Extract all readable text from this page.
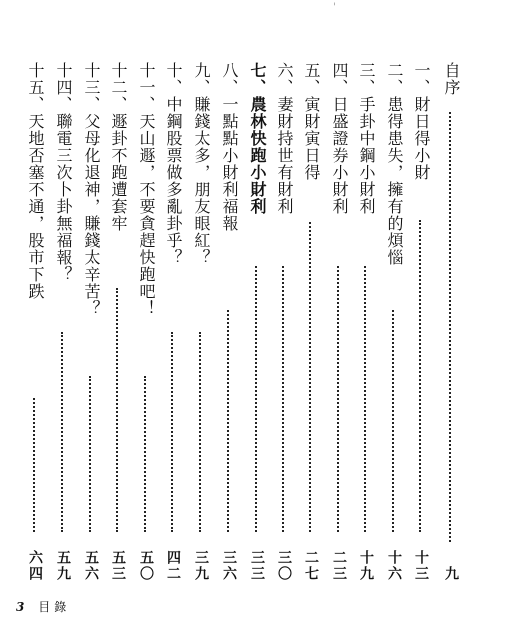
'
自序
九
一、財日得小財
十三
二、患得患失，擁有的煩惱
十六
三、手卦中鋼小財利
十九
四、日盛證券小財利
二三
五、寅財寅日得
二七
六、妻財持世有財利
三〇
七、農林快跑小財利
三三
八、一點點小財利福報
三六
九、賺錢太多，朋友眼紅？
三九
十、中鋼股票做多亂卦乎？
四二
十一、天山遯，不要貪趕快跑吧！
五〇
十二、遯卦不跑遭套牢
五三
十三、父母化退神，賺錢太辛苦？
五六
十四、聯電三次卜卦無福報？
五九
十五、天地否塞不通，股市下跌
六四
3 目錄
